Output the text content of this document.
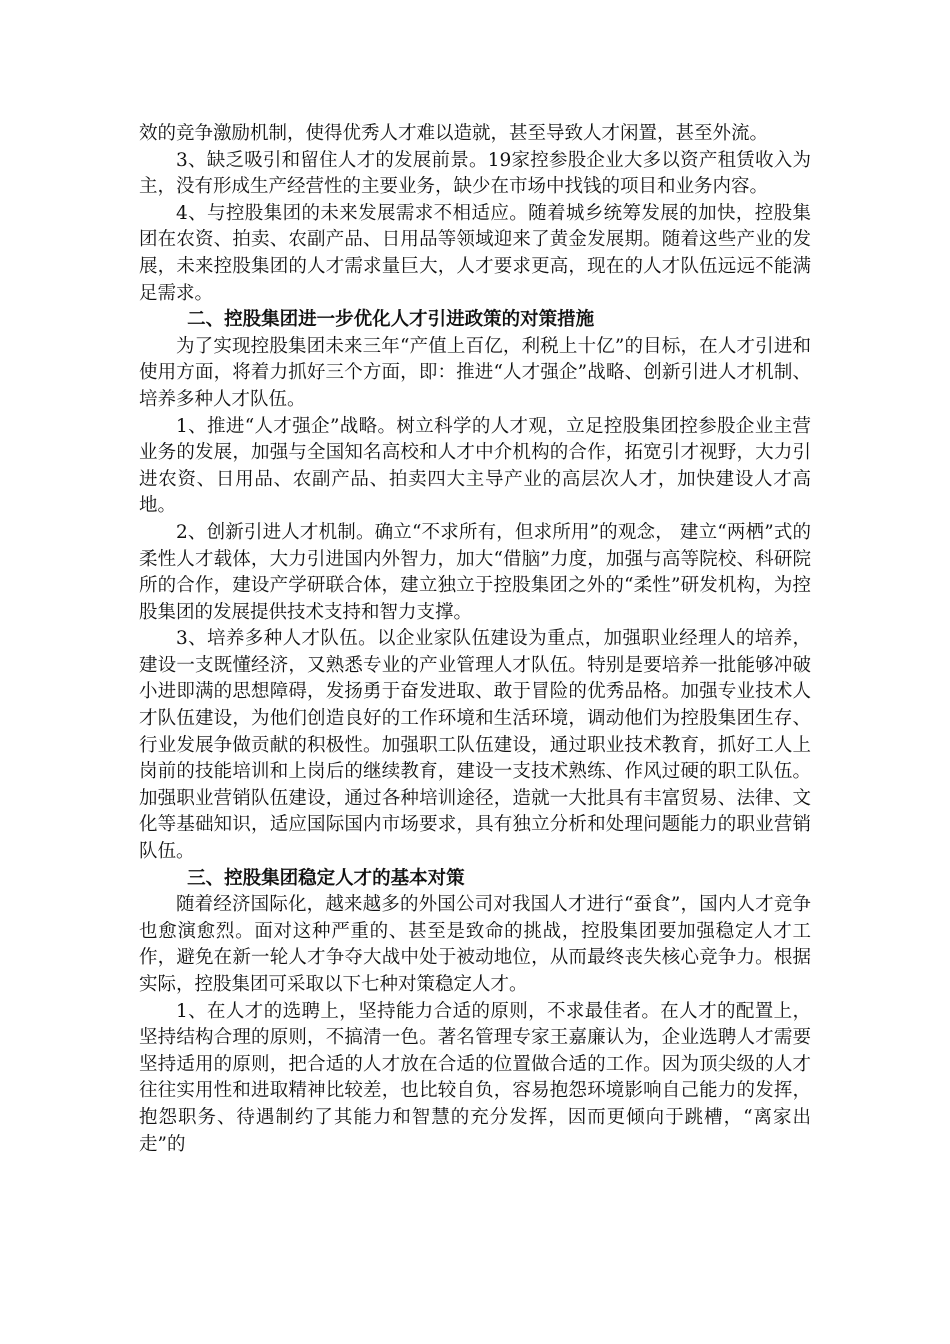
效的竞争激励机制，使得优秀人才难以造就，甚至导致人才闲置，甚至外流。

3、缺乏吸引和留住人才的发展前景。19家控参股企业大多以资产租赁收入为主，没有形成生产经营性的主要业务，缺少在市场中找钱的项目和业务内容。

4、与控股集团的未来发展需求不相适应。随着城乡统筹发展的加快，控股集团在农资、拍卖、农副产品、日用品等领域迎来了黄金发展期。随着这些产业的发展，未来控股集团的人才需求量巨大，人才要求更高，现在的人才队伍远远不能满足需求。

二、控股集团进一步优化人才引进政策的对策措施

为了实现控股集团未来三年“产值上百亿，利税上十亿”的目标，在人才引进和使用方面，将着力抓好三个方面，即：推进“人才强企”战略、创新引进人才机制、培养多种人才队伍。

1、推进“人才强企”战略。树立科学的人才观，立足控股集团控参股企业主营业务的发展，加强与全国知名高校和人才中介机构的合作，拓宽引才视野，大力引进农资、日用品、农副产品、拍卖四大主导产业的高层次人才，加快建设人才高地。

2、创新引进人才机制。确立“不求所有，但求所用”的观念， 建立“两栖”式的柔性人才载体，大力引进国内外智力，加大“借脑”力度，加强与高等院校、科研院所的合作，建设产学研联合体，建立独立于控股集团之外的“柔性”研发机构，为控股集团的发展提供技术支持和智力支撑。

3、培养多种人才队伍。以企业家队伍建设为重点，加强职业经理人的培养，建设一支既懂经济，又熟悉专业的产业管理人才队伍。特别是要培养一批能够冲破小进即满的思想障碍，发扬勇于奋发进取、敢于冒险的优秀品格。加强专业技术人才队伍建设，为他们创造良好的工作环境和生活环境，调动他们为控股集团生存、行业发展争做贡献的积极性。加强职工队伍建设，通过职业技术教育，抓好工人上岗前的技能培训和上岗后的继续教育，建设一支技术熟练、作风过硬的职工队伍。加强职业营销队伍建设，通过各种培训途径，造就一大批具有丰富贸易、法律、文化等基础知识，适应国际国内市场要求，具有独立分析和处理问题能力的职业营销队伍。

三、控股集团稳定人才的基本对策

随着经济国际化，越来越多的外国公司对我国人才进行“蚕食”，国内人才竞争也愈演愈烈。面对这种严重的、甚至是致命的挑战，控股集团要加强稳定人才工作，避免在新一轮人才争夺大战中处于被动地位，从而最终丧失核心竞争力。根据实际，控股集团可采取以下七种对策稳定人才。

1、在人才的选聘上，坚持能力合适的原则，不求最佳者。在人才的配置上，坚持结构合理的原则，不搞清一色。著名管理专家王嘉廉认为，企业选聘人才需要坚持适用的原则，把合适的人才放在合适的位置做合适的工作。因为顶尖级的人才往往实用性和进取精神比较差，也比较自负，容易抱怨环境影响自己能力的发挥，抱怨职务、待遇制约了其能力和智慧的充分发挥，因而更倾向于跳槽，“离家出走”的
